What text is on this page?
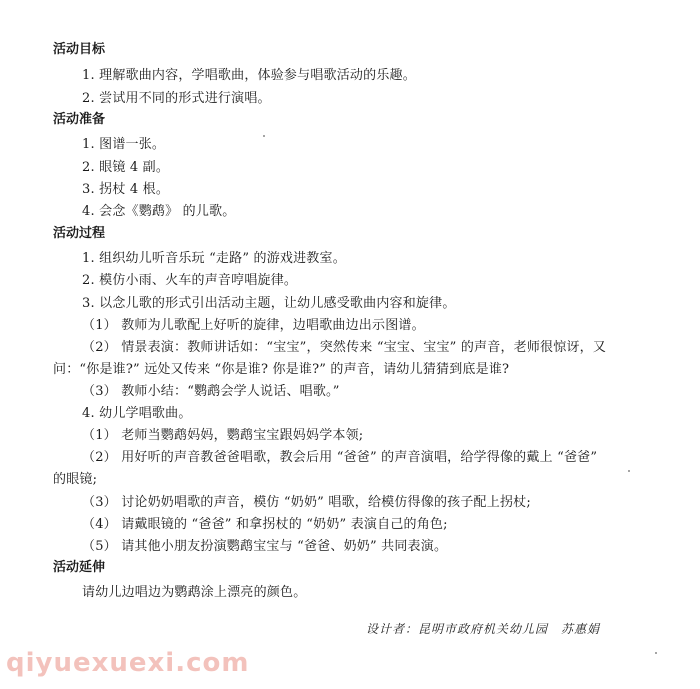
活动目标
1. 理解歌曲内容，学唱歌曲，体验参与唱歌活动的乐趣。
2. 尝试用不同的形式进行演唱。
活动准备
1. 图谱一张。
2. 眼镜 4 副。
3. 拐杖 4 根。
4. 会念《鹦鹉》 的儿歌。
活动过程
1. 组织幼儿听音乐玩 “走路” 的游戏进教室。
2. 模仿小雨、火车的声音哼唱旋律。
3. 以念儿歌的形式引出活动主题，让幼儿感受歌曲内容和旋律。
（1） 教师为儿歌配上好听的旋律，边唱歌曲边出示图谱。
（2） 情景表演：教师讲话如：“宝宝”，突然传来 “宝宝、宝宝” 的声音，老师很惊讶，又
问：“你是谁?” 远处又传来 “你是谁? 你是谁?” 的声音，请幼儿猜猜到底是谁?
（3） 教师小结：“鹦鹉会学人说话、唱歌。”
4. 幼儿学唱歌曲。
（1） 老师当鹦鹉妈妈，鹦鹉宝宝跟妈妈学本领;
（2） 用好听的声音教爸爸唱歌，教会后用 “爸爸” 的声音演唱，给学得像的戴上 “爸爸”
的眼镜;
（3） 讨论奶奶唱歌的声音，模仿 “奶奶” 唱歌，给模仿得像的孩子配上拐杖;
（4） 请戴眼镜的 “爸爸” 和拿拐杖的 “奶奶” 表演自己的角色;
（5） 请其他小朋友扮演鹦鹉宝宝与 “爸爸、奶奶” 共同表演。
活动延伸
请幼儿边唱边为鹦鹉涂上漂亮的颜色。
设计者：昆明市政府机关幼儿园　苏惠娟
qiyuexuexi.com
